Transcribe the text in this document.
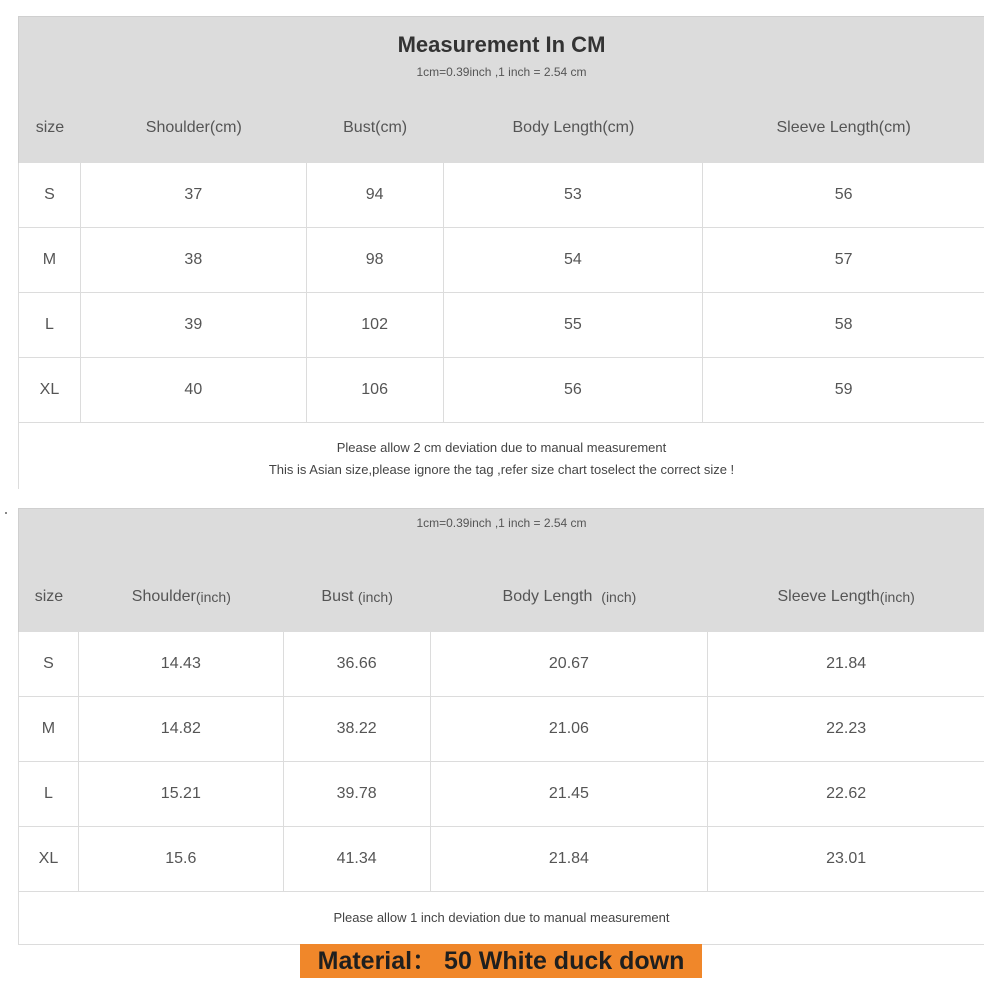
Measurement In CM
1cm=0.39inch ,1 inch = 2.54 cm
size	Shoulder(cm)	Bust(cm)	Body Length(cm)	Sleeve Length(cm)
S	37	94	53	56
M	38	98	54	57
L	39	102	55	58
XL	40	106	56	59
Please allow 2 cm deviation due to manual measurement
This is Asian size,please ignore the tag ,refer size chart toselect the correct size !
1cm=0.39inch ,1 inch = 2.54 cm
size	Shoulder (inch)	Bust (inch)	Body Length (inch)	Sleeve Length (inch)
S	14.43	36.66	20.67	21.84
M	14.82	38.22	21.06	22.23
L	15.21	39.78	21.45	22.62
XL	15.6	41.34	21.84	23.01
Please allow 1 inch deviation due to manual measurement
Material： 50 White duck down
